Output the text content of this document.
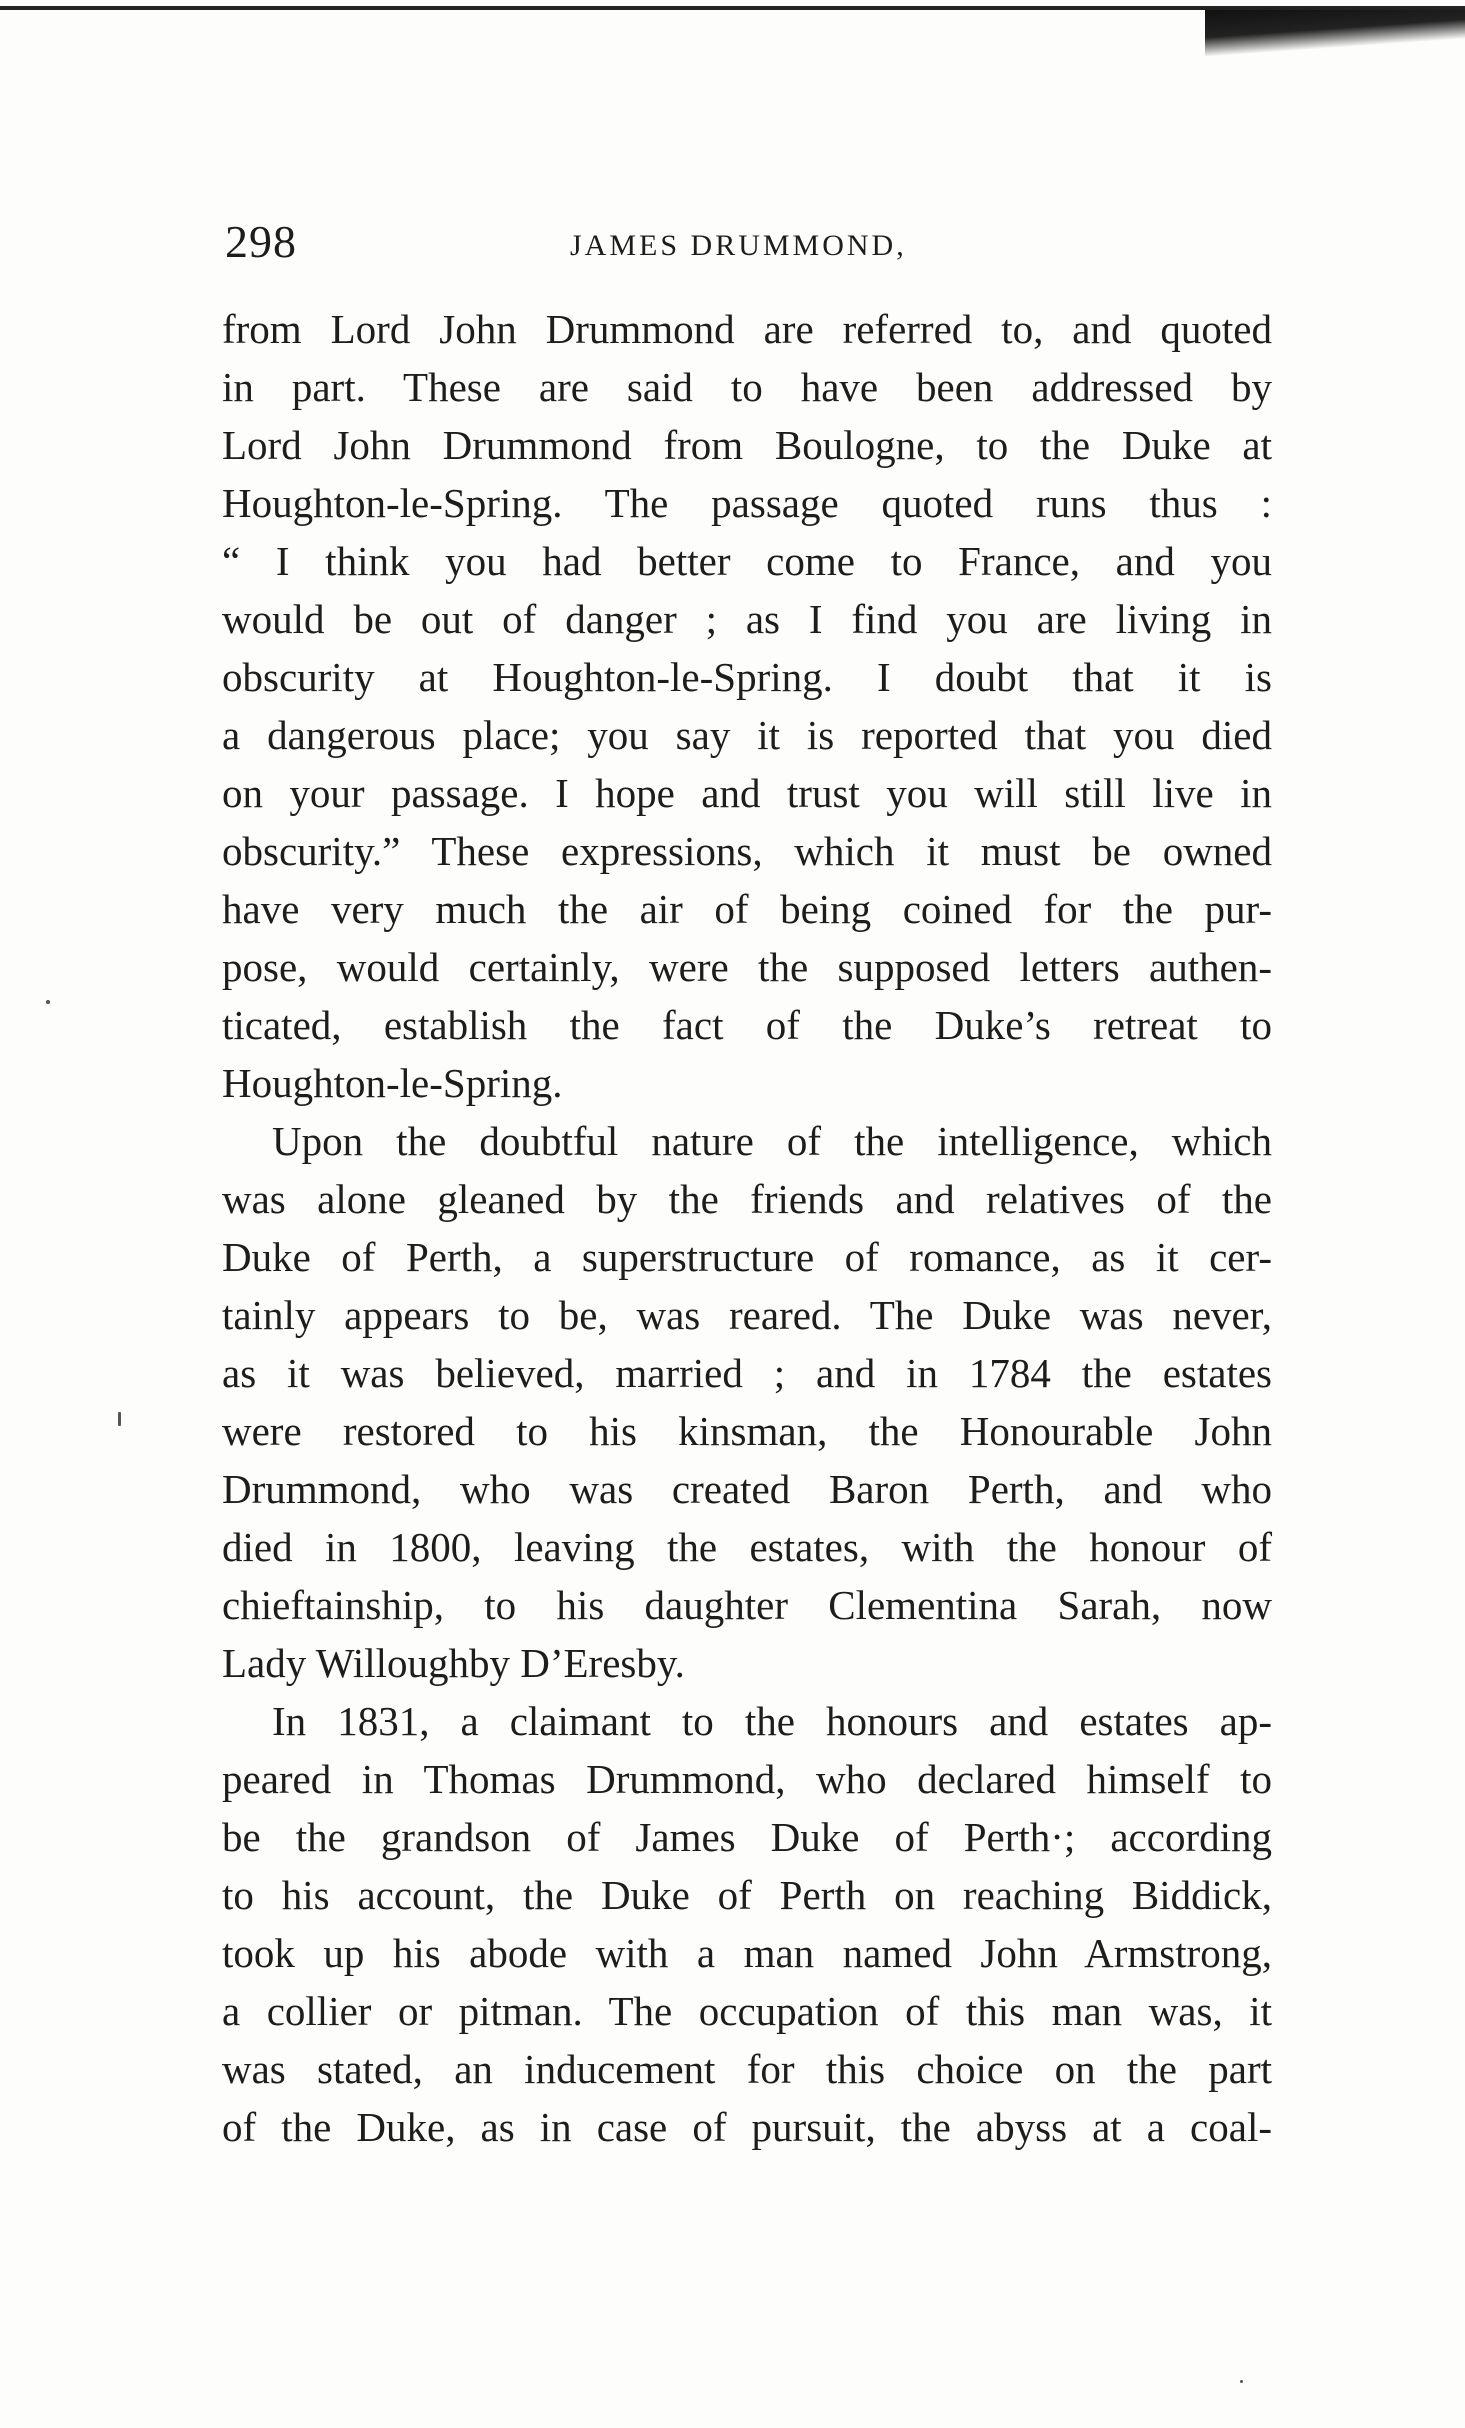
298	JAMES DRUMMOND,
from Lord John Drummond are referred to, and quoted
in part. These are said to have been addressed by
Lord John Drummond from Boulogne, to the Duke at
Houghton-le-Spring. The passage quoted runs thus :
“ I think you had better come to France, and you
would be out of danger ; as I find you are living in
obscurity at Houghton-le-Spring. I doubt that it is
a dangerous place; you say it is reported that you died
on your passage. I hope and trust you will still live in
obscurity.” These expressions, which it must be owned
have very much the air of being coined for the pur-
pose, would certainly, were the supposed letters authen-
ticated, establish the fact of the Duke’s retreat to
Houghton-le-Spring.
Upon the doubtful nature of the intelligence, which
was alone gleaned by the friends and relatives of the
Duke of Perth, a superstructure of romance, as it cer-
tainly appears to be, was reared. The Duke was never,
as it was believed, married ; and in 1784 the estates
were restored to his kinsman, the Honourable John
Drummond, who was created Baron Perth, and who
died in 1800, leaving the estates, with the honour of
chieftainship, to his daughter Clementina Sarah, now
Lady Willoughby D’Eresby.
In 1831, a claimant to the honours and estates ap-
peared in Thomas Drummond, who declared himself to
be the grandson of James Duke of Perth·; according
to his account, the Duke of Perth on reaching Biddick,
took up his abode with a man named John Armstrong,
a collier or pitman. The occupation of this man was, it
was stated, an inducement for this choice on the part
of the Duke, as in case of pursuit, the abyss at a coal-
